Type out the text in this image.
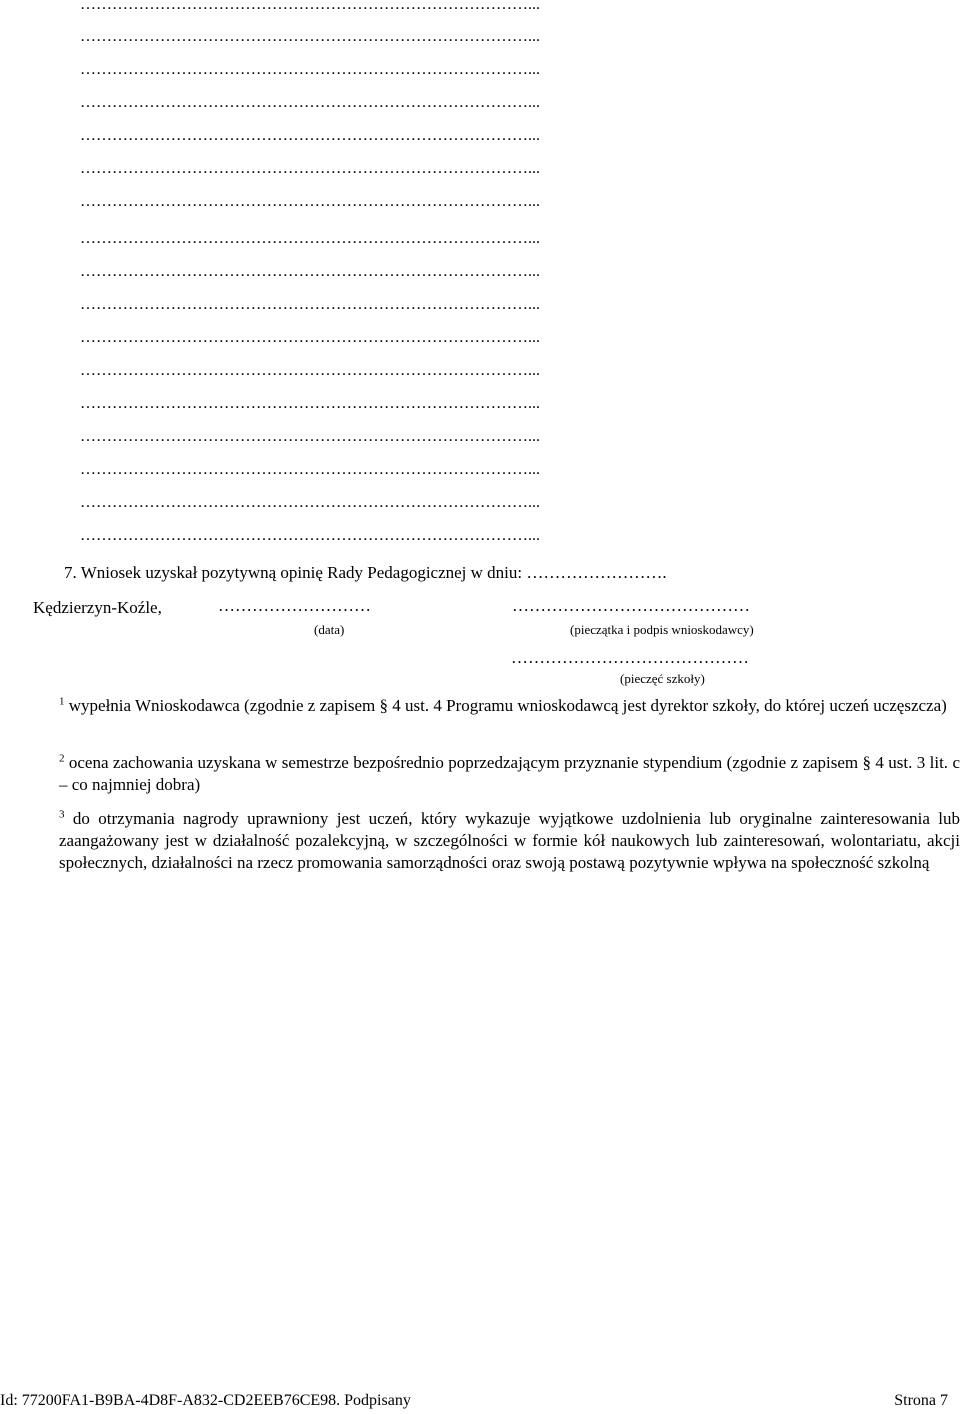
…………………………………………………………………………...
…………………………………………………………………………...
…………………………………………………………………………...
…………………………………………………………………………...
…………………………………………………………………………...
…………………………………………………………………………...
…………………………………………………………………………...
…………………………………………………………………………...
…………………………………………………………………………...
…………………………………………………………………………...
…………………………………………………………………………...
…………………………………………………………………………...
…………………………………………………………………………...
…………………………………………………………………………...
…………………………………………………………………………...
…………………………………………………………………………...
…………………………………………………………………………...
7. Wniosek uzyskał pozytywną opinię Rady Pedagogicznej w dniu: …………………….
Kędzierzyn-Koźle,	………………………
(data)
……………………………………
(pieczątka i podpis wnioskodawcy)
……………………………………
(pieczęć szkoły)
$^1$ wypełnia Wnioskodawca (zgodnie z zapisem § 4 ust. 4 Programu wnioskodawcą jest dyrektor szkoły, do której uczeń uczęszcza)
$^2$ ocena zachowania uzyskana w semestrze bezpośrednio poprzedzającym przyznanie stypendium (zgodnie z zapisem § 4 ust. 3 lit. c – co najmniej dobra)
$^3$ do otrzymania nagrody uprawniony jest uczeń, który wykazuje wyjątkowe uzdolnienia lub oryginalne zainteresowania lub zaangażowany jest w działalność pozalekcyjną, w szczególności w formie kół naukowych lub zainteresowań, wolontariatu, akcji społecznych, działalności na rzecz promowania samorządności oraz swoją postawą pozytywnie wpływa na społeczność szkolną
Id: 77200FA1-B9BA-4D8F-A832-CD2EEB76CE98. Podpisany	Strona 7
